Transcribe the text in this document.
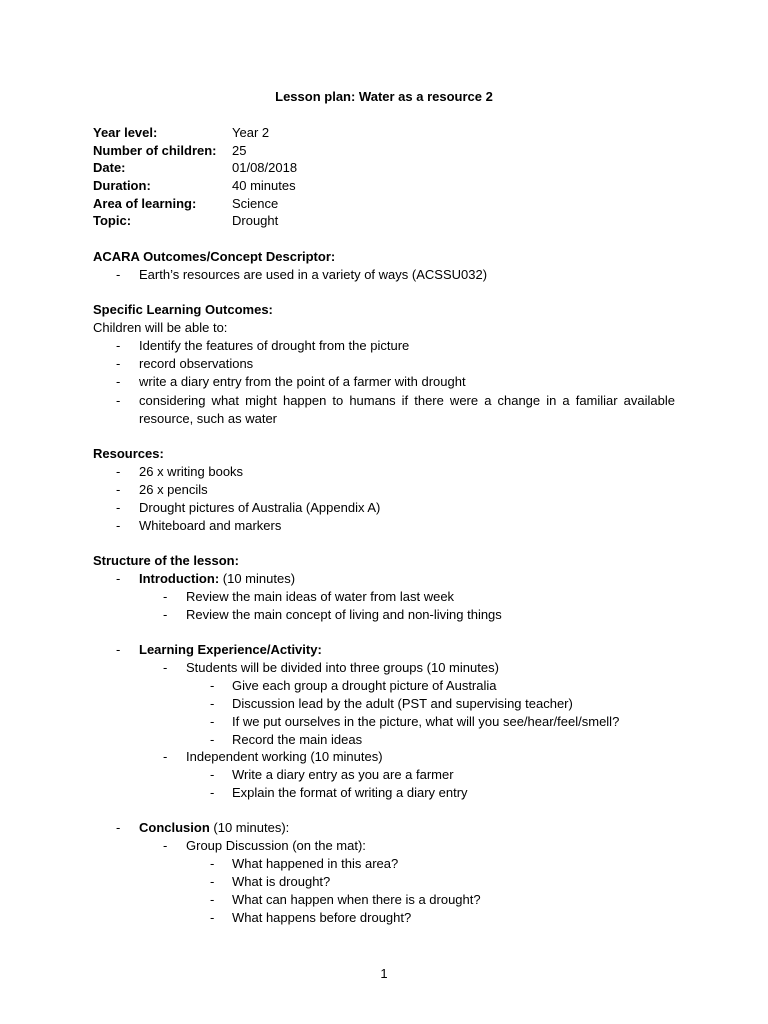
Lesson plan: Water as a resource 2
Year level:	Year 2
Number of children: 25
Date:	01/08/2018
Duration:	40 minutes
Area of learning:	Science
Topic:	Drought
ACARA Outcomes/Concept Descriptor:
- Earth’s resources are used in a variety of ways (ACSSU032)
Specific Learning Outcomes:
Children will be able to:
- Identify the features of drought from the picture
- record observations
- write a diary entry from the point of a farmer with drought
- considering what might happen to humans if there were a change in a familiar available resource, such as water
Resources:
- 26 x writing books
- 26 x pencils
- Drought pictures of Australia (Appendix A)
- Whiteboard and markers
Structure of the lesson:
- Introduction: (10 minutes)
- Review the main ideas of water from last week
- Review the main concept of living and non-living things
- Learning Experience/Activity:
- Students will be divided into three groups (10 minutes)
- Give each group a drought picture of Australia
- Discussion lead by the adult (PST and supervising teacher)
- If we put ourselves in the picture, what will you see/hear/feel/smell?
- Record the main ideas
- Independent working (10 minutes)
- Write a diary entry as you are a farmer
- Explain the format of writing a diary entry
- Conclusion (10 minutes):
- Group Discussion (on the mat):
- What happened in this area?
- What is drought?
- What can happen when there is a drought?
- What happens before drought?
1
